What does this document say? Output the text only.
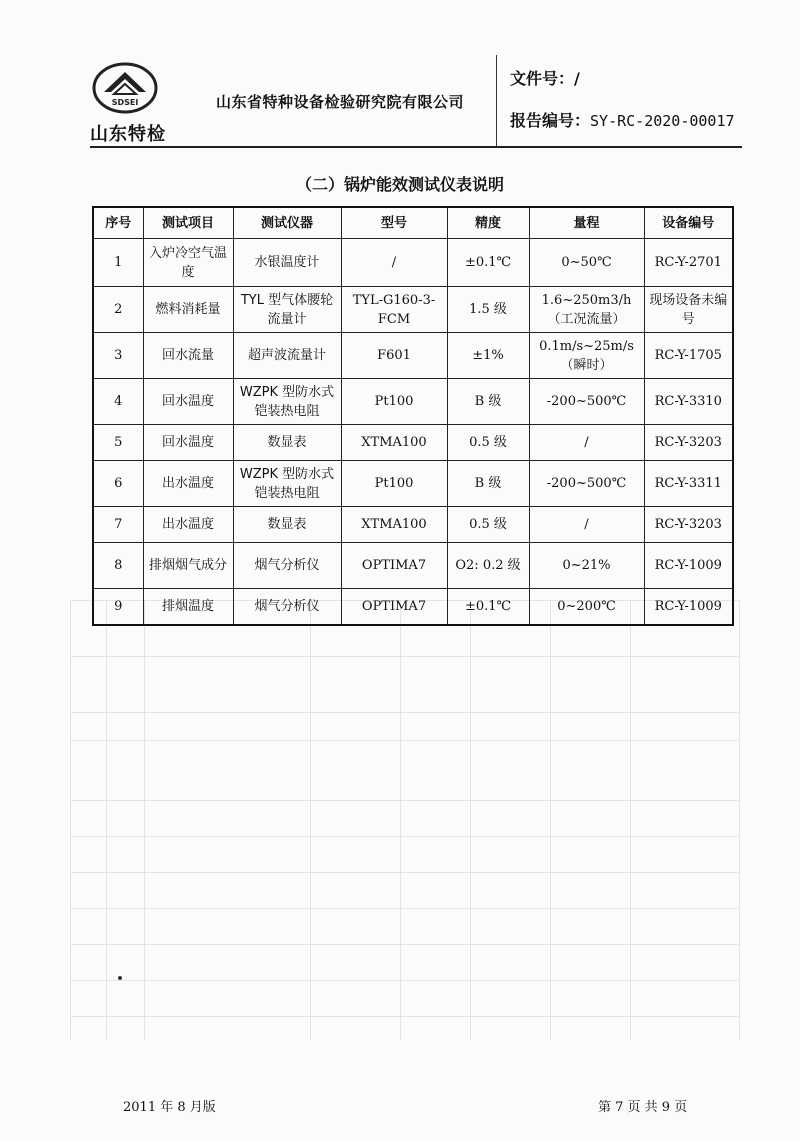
SDSEI
山东特检
山东省特种设备检验研究院有限公司
文件号：/
报告编号：SY-RC-2020-00017
（二）锅炉能效测试仪表说明
序号	测试项目	测试仪器	型号	精度	量程	设备编号
1	入炉冷空气温度	水银温度计	/	±0.1℃	0~50℃	RC-Y-2701
2	燃料消耗量	TYL 型气体腰轮流量计	TYL-G160-3-FCM	1.5 级	1.6~250m3/h（工况流量）	现场设备未编号
3	回水流量	超声波流量计	F601	±1%	0.1m/s~25m/s（瞬时）	RC-Y-1705
4	回水温度	WZPK 型防水式铠装热电阻	Pt100	B 级	-200~500℃	RC-Y-3310
5	回水温度	数显表	XTMA100	0.5 级	/	RC-Y-3203
6	出水温度	WZPK 型防水式铠装热电阻	Pt100	B 级	-200~500℃	RC-Y-3311
7	出水温度	数显表	XTMA100	0.5 级	/	RC-Y-3203
8	排烟烟气成分	烟气分析仪	OPTIMA7	O2: 0.2 级	0~21%	RC-Y-1009
9	排烟温度	烟气分析仪	OPTIMA7	±0.1℃	0~200℃	RC-Y-1009
2011 年 8 月版	第 7 页 共 9 页
